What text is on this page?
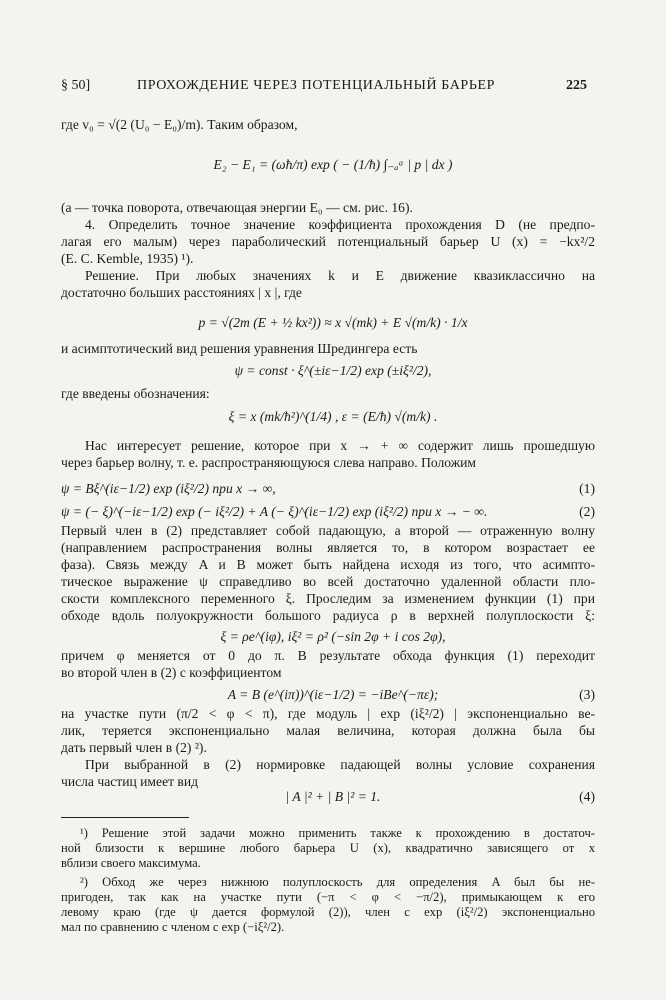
§ 50]	ПРОХОЖДЕНИЕ ЧЕРЕЗ ПОТЕНЦИАЛЬНЫЙ БАРЬЕР	225
где v₀ = √(2 (U₀ − E₀)/m). Таким образом,
E₂ − E₁ = (ωħ/π) exp ( − (1/ħ) ∫₋ₐᵃ | p | dx )
(a — точка поворота, отвечающая энергии E₀ — см. рис. 16).
4. Определить точное значение коэффициента прохождения D (не предпо-
лагая его малым) через параболический потенциальный барьер U (x) = −kx²/2
(E. C. Kemble, 1935) ¹).
Решение. При любых значениях k и E движение квазиклассично на
достаточно больших расстояниях | x |, где
p = √(2m (E + ½ kx²)) ≈ x √(mk) + E √(m/k) · 1/x
и асимптотический вид решения уравнения Шредингера есть
ψ = const · ξ^(±iε−1/2) exp (±iξ²/2),
где введены обозначения:
ξ = x (mk/ħ²)^(1/4) , ε = (E/ħ) √(m/k) .
Нас интересует решение, которое при x → + ∞ содержит лишь прошедшую
через барьер волну, т. е. распространяющуюся слева направо. Положим
ψ = Bξ^(iε−1/2) exp (iξ²/2) при x → ∞,	(1)
ψ = (− ξ)^(−iε−1/2) exp (− iξ²/2) + A (− ξ)^(iε−1/2) exp (iξ²/2) при x → − ∞.	(2)
Первый член в (2) представляет собой падающую, а второй — отраженную волну
(направлением распространения волны является то, в котором возрастает ее
фаза). Связь между A и B может быть найдена исходя из того, что асимпто-
тическое выражение ψ справедливо во всей достаточно удаленной области пло-
скости комплексного переменного ξ. Проследим за изменением функции (1) при
обходе вдоль полуокружности большого радиуса ρ в верхней полуплоскости ξ:
ξ = ρe^(iφ), iξ² = ρ² (−sin 2φ + i cos 2φ),
причем φ меняется от 0 до π. В результате обхода функция (1) переходит
во второй член в (2) с коэффициентом
A = B (e^(iπ))^(iε−1/2) = −iBe^(−πε);	(3)
на участке пути (π/2 < φ < π), где модуль | exp (iξ²/2) | экспоненциально ве-
лик, теряется экспоненциально малая величина, которая должна была бы
дать первый член в (2) ²).
При выбранной в (2) нормировке падающей волны условие сохранения
числа частиц имеет вид
| A |² + | B |² = 1.	(4)
¹) Решение этой задачи можно применить также к прохождению в достаточ-
ной близости к вершине любого барьера U (x), квадратично зависящего от x
вблизи своего максимума.
²) Обход же через нижнюю полуплоскость для определения A был бы не-
пригоден, так как на участке пути (−π < φ < −π/2), примыкающем к его
левому краю (где ψ дается формулой (2)), член с exp (iξ²/2) экспоненциально
мал по сравнению с членом с exp (−iξ²/2).
